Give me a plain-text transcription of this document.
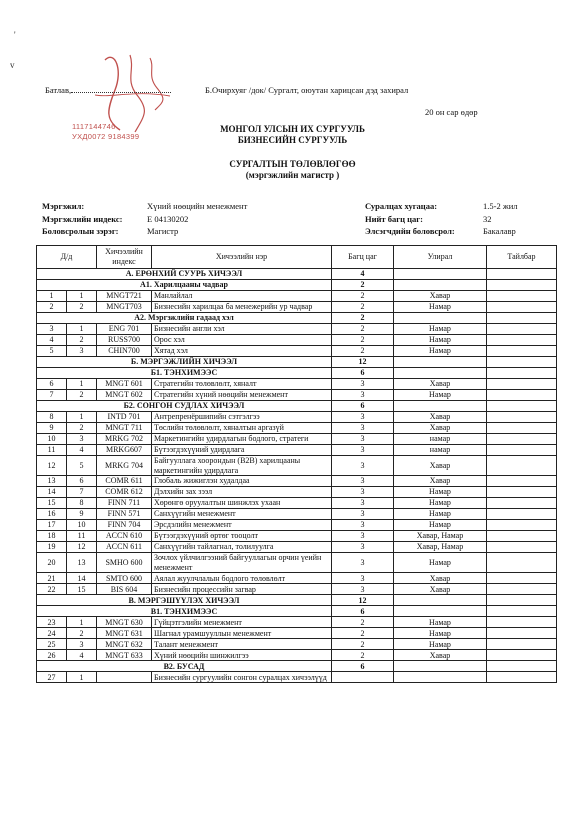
'
v
1117144746
УХД0072 9184399
Батлав,	Б.Очирхуяг /док/ Сургалт, оюутан харицсан дэд захирал
20 он сар өдөр
МОНГОЛ УЛСЫН ИХ СУРГУУЛЬ
БИЗНЕСИЙН СУРГУУЛЬ
СУРГАЛТЫН ТӨЛӨВЛӨГӨӨ
(мэргэжлийн магистр )
Мэргэжил:	Хүний нөөцийн менежмент
Мэргэжлийн индекс:	Е 04130202
Боловсролын зэрэг:	Магистр
Суралцах хугацаа:	1.5-2 жил
Нийт багц цаг:	32
Элсэгчдийн боловсрол:	Бакалавр
Д/д		Хичээлийн индекс	Хичээлийн нэр	Багц цаг	Улирал	Тайлбар
А. ЕРӨНХИЙ СУУРЬ ХИЧЭЭЛ				4		
А1. Харилцааны чадвар				2		
1	1	MNGT721	Манлайлал	2	Хавар	
2	2	MNGT703	Бизнесийн харилцаа ба менежерийн ур чадвар	2	Намар	
А2. Мэргэжлийн гадаад хэл				2		
3	1	ENG 701	Бизнесийн англи хэл	2	Намар	
4	2	RUSS700	Орос хэл	2	Намар	
5	3	CHIN700	Хятад хэл	2	Намар	
Б. МЭРГЭЖЛИЙН ХИЧЭЭЛ				12		
Б1. ТЭНХИМЭЭС				6		
6	1	MNGT 601	Стратегийн төлөвлөлт, хяналт	3	Хавар	
7	2	MNGT 602	Стратегийн хүний нөөцийн менежмент	3	Намар	
Б2. СОНГОН СУДЛАХ ХИЧЭЭЛ				6		
8	1	INTD 701	Антрепренёршипийн сэтгэлгээ	3	Хавар	
9	2	MNGT 711	Төслийн төлөвлөлт, хяналтын аргазүй	3	Хавар	
10	3	MRKG 702	Маркетингийн удирдлагын бодлого, стратеги	3	намар	
11	4	MRKG607	Бүтээгдэхүүний удирдлага	3	намар	
12	5	MRKG 704	Байгууллага хоорондын (В2В) харилцааны маркетингийн удирдлага	3	Хавар	
13	6	COMR 611	Глобаль жижиглэн худалдаа	3	Хавар	
14	7	COMR 612	Дэлхийн зах зээл	3	Намар	
15	8	FINN 711	Хөрөнгө оруулалтын шинжлэх ухаан	3	Намар	
16	9	FINN 571	Санхүүгийн менежмент	3	Намар	
17	10	FINN 704	Эрсдэлийн менежмент	3	Намар	
18	11	ACCN 610	Бүтээгдэхүүний өртөг тооцолт	3	Хавар, Намар	
19	12	ACCN 611	Санхүүгийн тайлагнал, толилуулга	3	Хавар, Намар	
20	13	SMHO 600	Зочлох үйлчилгээний байгууллагын орчин үеийн менежмент	3	Намар	
21	14	SMTO 600	Аялал жуулчлалын бодлого төлөвлөлт	3	Хавар	
22	15	BIS 604	Бизнесийн процессийн загвар	3	Хавар	
В. МЭРГЭШҮҮЛЭХ ХИЧЭЭЛ				12		
В1. ТЭНХИМЭЭС				6		
23	1	MNGT 630	Гүйцэтгэлийн менежмент	2	Намар	
24	2	MNGT 631	Шагнал урамшууллын менежмент	2	Намар	
25	3	MNGT 632	Талант менежмент	2	Намар	
26	4	MNGT 633	Хүний нөөцийн шинжилгээ	2	Хавар	
В2. БУСАД				6		
27	1		Бизнесийн сургуулийн сонгон суралцах хичээлүүд			
